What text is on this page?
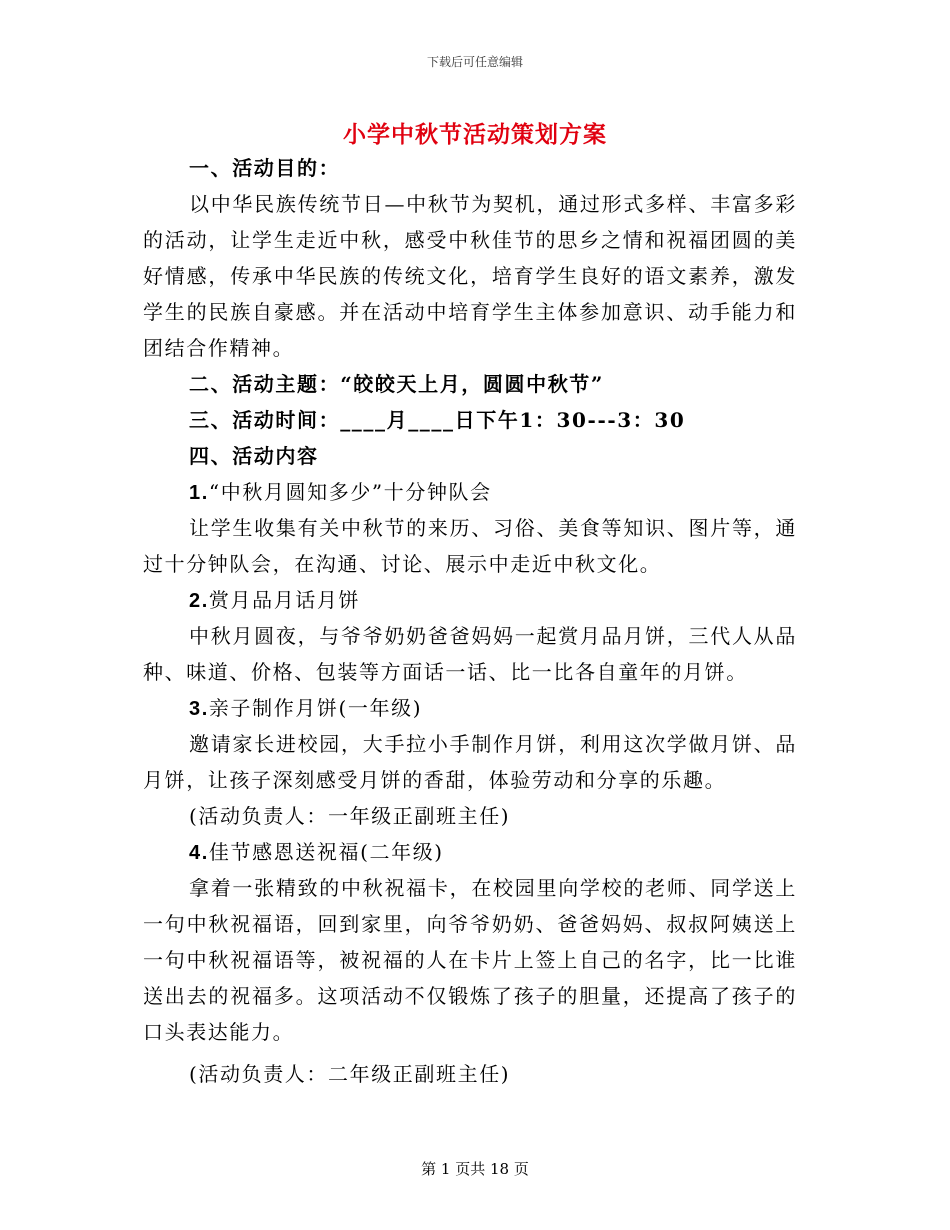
下载后可任意编辑
小学中秋节活动策划方案
一、活动目的：
以中华民族传统节日—中秋节为契机，通过形式多样、丰富多彩
的活动，让学生走近中秋，感受中秋佳节的思乡之情和祝福团圆的美
好情感，传承中华民族的传统文化，培育学生良好的语文素养，激发
学生的民族自豪感。并在活动中培育学生主体参加意识、动手能力和
团结合作精神。
二、活动主题：“皎皎天上月，圆圆中秋节”
三、活动时间：____月____日下午1：30---3：30
四、活动内容
1.“中秋月圆知多少”十分钟队会
让学生收集有关中秋节的来历、习俗、美食等知识、图片等，通
过十分钟队会，在沟通、讨论、展示中走近中秋文化。
2.赏月品月话月饼
中秋月圆夜，与爷爷奶奶爸爸妈妈一起赏月品月饼，三代人从品
种、味道、价格、包装等方面话一话、比一比各自童年的月饼。
3.亲子制作月饼(一年级)
邀请家长进校园，大手拉小手制作月饼，利用这次学做月饼、品
月饼，让孩子深刻感受月饼的香甜，体验劳动和分享的乐趣。
(活动负责人：一年级正副班主任)
4.佳节感恩送祝福(二年级)
拿着一张精致的中秋祝福卡，在校园里向学校的老师、同学送上
一句中秋祝福语，回到家里，向爷爷奶奶、爸爸妈妈、叔叔阿姨送上
一句中秋祝福语等，被祝福的人在卡片上签上自己的名字，比一比谁
送出去的祝福多。这项活动不仅锻炼了孩子的胆量，还提高了孩子的
口头表达能力。
(活动负责人：二年级正副班主任)
第 1 页共 18 页
